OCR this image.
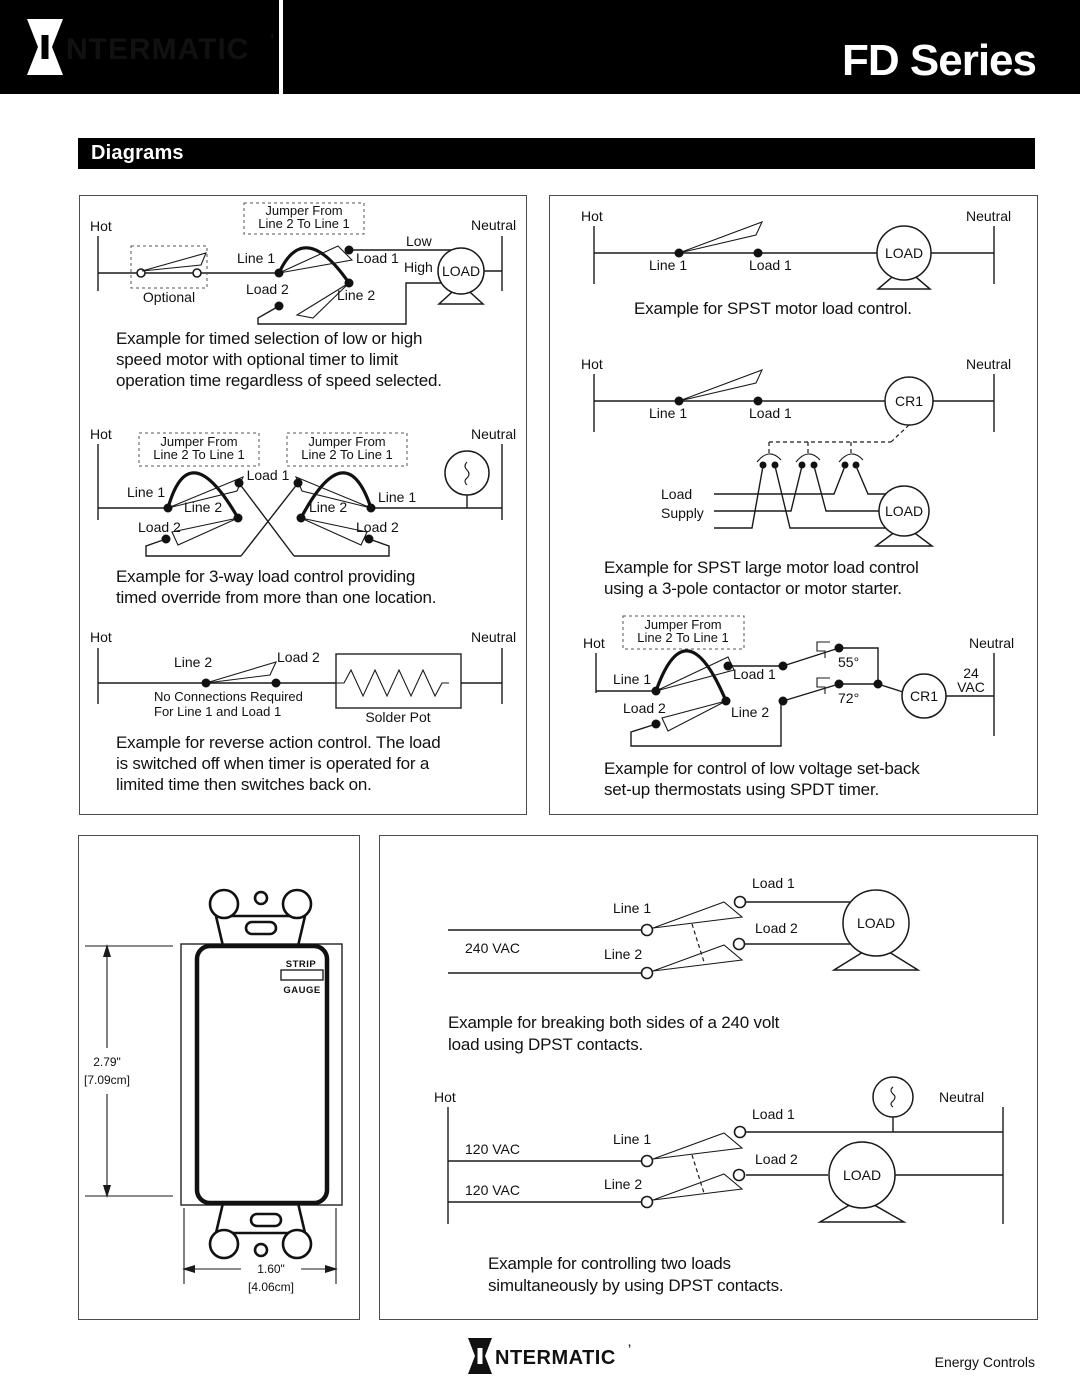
NTERMATIC ’	FD Series
Diagrams
Hot	Neutral
Jumper From
Line 2 To Line 1
Optional
Line 1	Load 1
Load 2	Line 2
Low
High LOAD
Example for timed selection of low or high
speed motor with optional timer to limit
operation time regardless of speed selected.
Hot	Neutral
Jumper From
Line 2 To Line 1
Jumper From
Line 2 To Line 1
Load 1
Line 1
Line 2
Load 2
Line 1
Line 2
Load 2
Example for 3-way load control providing
timed override from more than one location.
Hot	Neutral
Line 2	Load 2
No Connections Required
For Line 1 and Load 1	Solder Pot
Example for reverse action control. The load
is switched off when timer is operated for a
limited time then switches back on.
Hot	Neutral
Line 1	Load 1
LOAD
Example for SPST motor load control.
Hot	Neutral
Line 1	Load 1
CR1
Load
Supply	LOAD
Example for SPST large motor load control
using a 3-pole contactor or motor starter.
Jumper From
Line 2 To Line 1
Hot	Neutral
Line 1	Load 1
Load 2	Line 2
55°
72°	CR1
24
VAC
Example for control of low voltage set-back
set-up thermostats using SPDT timer.
STRIP
GAUGE
2.79"
[7.09cm]
1.60"
[4.06cm]
Load 1
Line 1
240 VAC	Line 2
Load 2	LOAD
Example for breaking both sides of a 240 volt
load using DPST contacts.
Hot	Neutral
Load 1
Line 1
120 VAC
Load 2
Line 2
120 VAC
LOAD
Example for controlling two loads
simultaneously by using DPST contacts.
NTERMATIC ’
Energy Controls
